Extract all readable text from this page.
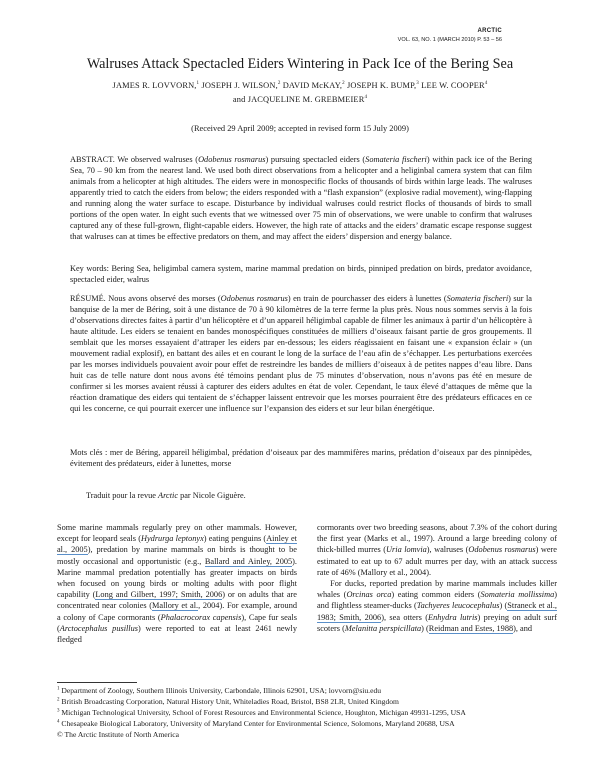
ARCTIC
VOL. 63, NO. 1 (MARCH 2010) P. 53 – 56
Walruses Attack Spectacled Eiders Wintering in Pack Ice of the Bering Sea
JAMES R. LOVVORN,$^1$ JOSEPH J. WILSON,$^2$ DAVID McKAY,$^2$ JOSEPH K. BUMP,$^3$ LEE W. COOPER$^4$
and JACQUELINE M. GREBMEIER$^4$
(Received 29 April 2009; accepted in revised form 15 July 2009)
ABSTRACT. We observed walruses (Odobenus rosmarus) pursuing spectacled eiders (Somateria fischeri) within pack ice of the Bering Sea, 70 – 90 km from the nearest land. We used both direct observations from a helicopter and a heliginbal camera system that can film animals from a helicopter at high altitudes. The eiders were in monospecific flocks of thousands of birds within large leads. The walruses apparently tried to catch the eiders from below; the eiders responded with a “flash expansion” (explosive radial movement), wing-flapping and running along the water surface to escape. Disturbance by individual walruses could restrict flocks of thousands of birds to small portions of the open water. In eight such events that we witnessed over 75 min of observations, we were unable to confirm that walruses captured any of these full-grown, flight-capable eiders. However, the high rate of attacks and the eiders’ dramatic escape response suggest that walruses can at times be effective predators on them, and may affect the eiders’ dispersion and energy balance.
Key words: Bering Sea, heligimbal camera system, marine mammal predation on birds, pinniped predation on birds, predator avoidance, spectacled eider, walrus
RÉSUMÉ. Nous avons observé des morses (Odobenus rosmarus) en train de pourchasser des eiders à lunettes (Somateria fischeri) sur la banquise de la mer de Béring, soit à une distance de 70 à 90 kilomètres de la terre ferme la plus près. Nous nous sommes servis à la fois d’observations directes faites à partir d’un hélicoptère et d’un appareil héligimbal capable de filmer les animaux à partir d’un hélicoptère à haute altitude. Les eiders se tenaient en bandes monospécifiques constituées de milliers d’oiseaux faisant partie de gros groupements. Il semblait que les morses essayaient d’attraper les eiders par en-dessous; les eiders réagissaient en faisant une « expansion éclair » (un mouvement radial explosif), en battant des ailes et en courant le long de la surface de l’eau afin de s’échapper. Les perturbations exercées par les morses individuels pouvaient avoir pour effet de restreindre les bandes de milliers d’oiseaux à de petites nappes d’eau libre. Dans huit cas de telle nature dont nous avons été témoins pendant plus de 75 minutes d’observation, nous n’avons pas été en mesure de confirmer si les morses avaient réussi à capturer des eiders adultes en état de voler. Cependant, le taux élevé d’attaques de même que la réaction dramatique des eiders qui tentaient de s’échapper laissent entrevoir que les morses pourraient être des prédateurs efficaces en ce qui les concerne, ce qui pourrait exercer une influence sur l’expansion des eiders et sur leur bilan énergétique.
Mots clés : mer de Béring, appareil héligimbal, prédation d’oiseaux par des mammifères marins, prédation d’oiseaux par des pinnipèdes, évitement des prédateurs, eider à lunettes, morse
Traduit pour la revue Arctic par Nicole Giguère.
Some marine mammals regularly prey on other mammals. However, except for leopard seals (Hydrurga leptonyx) eating penguins (Ainley et al., 2005), predation by marine mammals on birds is thought to be mostly occasional and opportunistic (e.g., Ballard and Ainley, 2005). Marine mammal predation potentially has greater impacts on birds when focused on young birds or molting adults with poor flight capability (Long and Gilbert, 1997; Smith, 2006) or on adults that are concentrated near colonies (Mallory et al., 2004). For example, around a colony of Cape cormorants (Phalacrocorax capensis), Cape fur seals (Arctocephalus pusillus) were reported to eat at least 2461 newly fledged
cormorants over two breeding seasons, about 7.3% of the cohort during the first year (Marks et al., 1997). Around a large breeding colony of thick-billed murres (Uria lomvia), walruses (Odobenus rosmarus) were estimated to eat up to 67 adult murres per day, with an attack success rate of 46% (Mallory et al., 2004).
For ducks, reported predation by marine mammals includes killer whales (Orcinas orca) eating common eiders (Somateria mollissima) and flightless steamer-ducks (Tachyeres leucocephalus) (Straneck et al., 1983; Smith, 2006), sea otters (Enhydra lutris) preying on adult surf scoters (Melanitta perspicillata) (Reidman and Estes, 1988), and
$^1$ Department of Zoology, Southern Illinois University, Carbondale, Illinois 62901, USA; lovvorn@siu.edu
$^2$ British Broadcasting Corporation, Natural History Unit, Whiteladies Road, Bristol, BS8 2LR, United Kingdom
$^3$ Michigan Technological University, School of Forest Resources and Environmental Science, Houghton, Michigan 49931-1295, USA
$^4$ Chesapeake Biological Laboratory, University of Maryland Center for Environmental Science, Solomons, Maryland 20688, USA
© The Arctic Institute of North America
